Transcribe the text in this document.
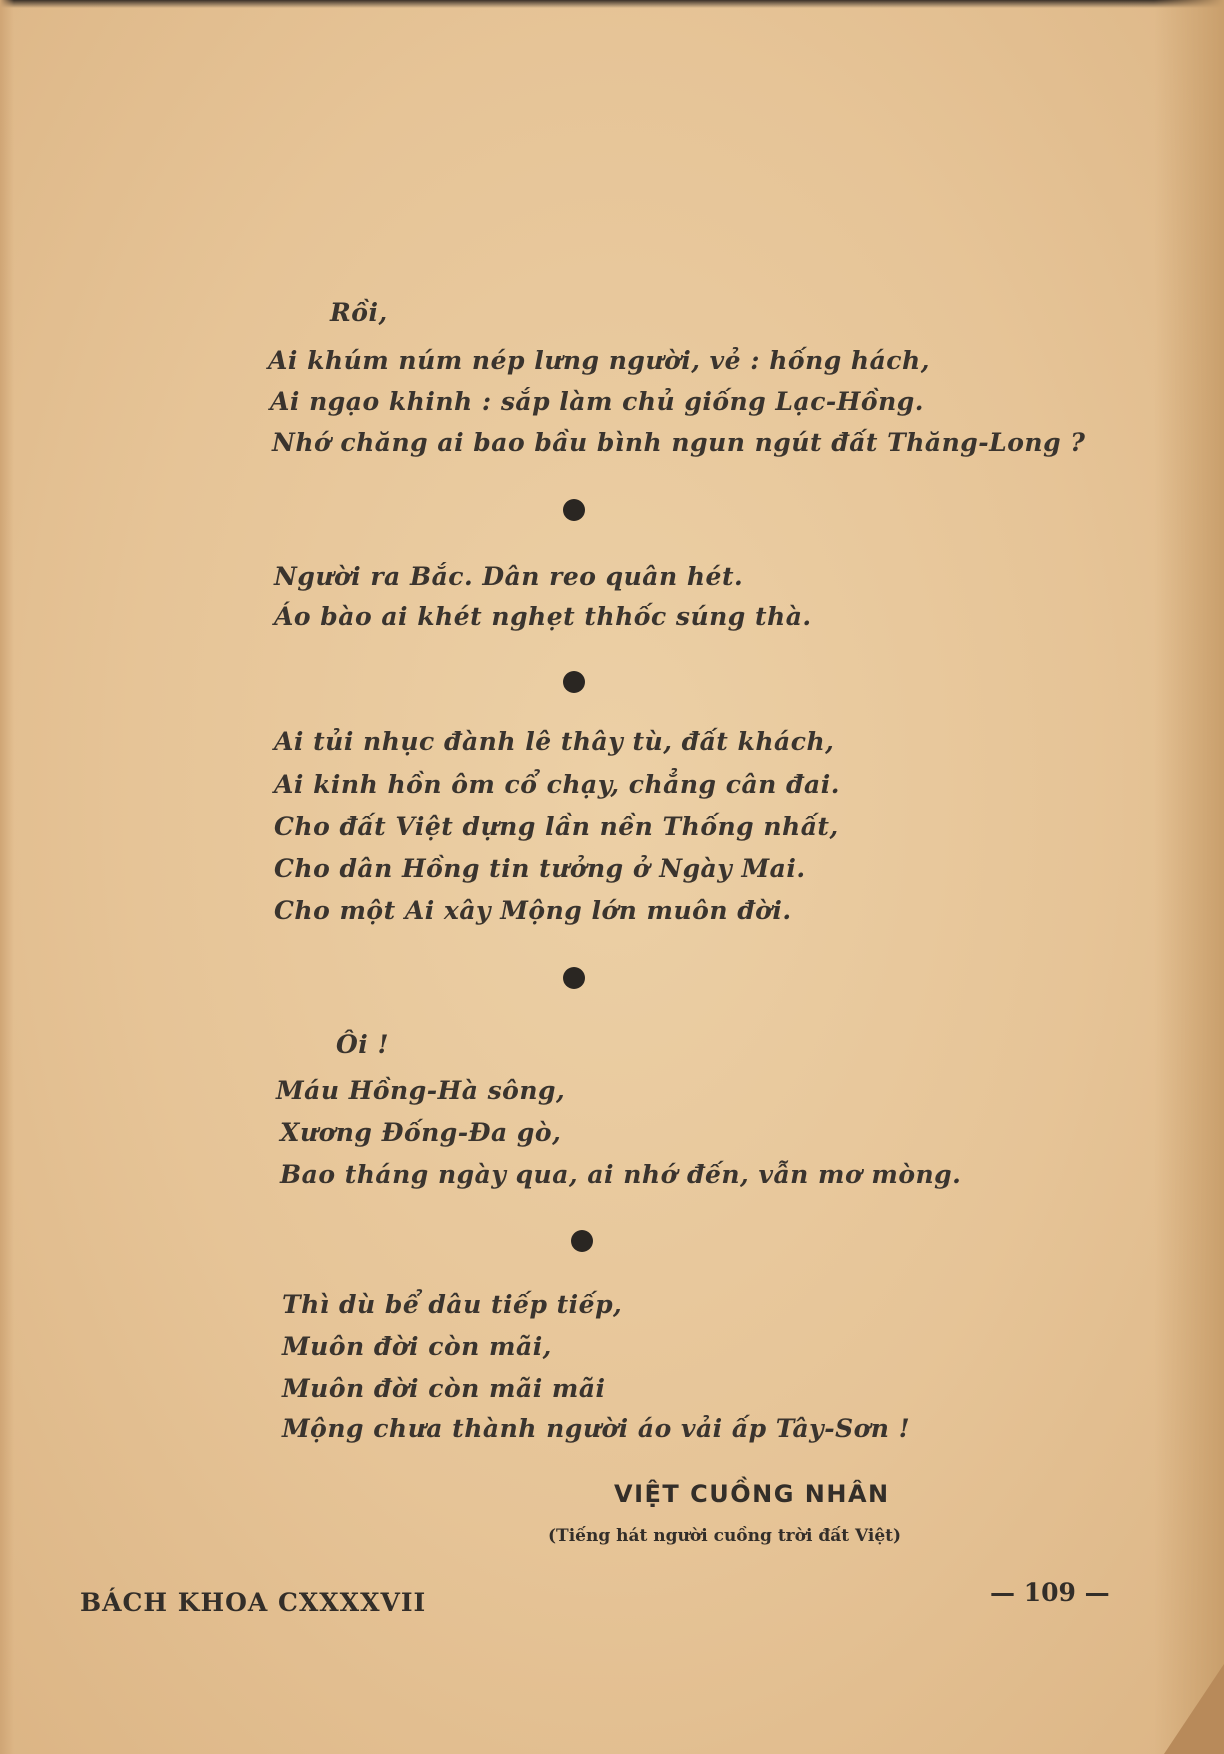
Rồi,
Ai khúm núm nép lưng người, vẻ : hống hách,
Ai ngạo khinh : sắp làm chủ giống Lạc-Hồng.
Nhớ chăng ai bao bầu bình ngun ngút đất Thăng-Long ?
Người ra Bắc. Dân reo quân hét.
Áo bào ai khét nghẹt thhốc súng thà.
Ai tủi nhục đành lê thây tù, đất khách,
Ai kinh hồn ôm cổ chạy, chẳng cân đai.
Cho đất Việt dựng lần nền Thống nhất,
Cho dân Hồng tin tưởng ở Ngày Mai.
Cho một Ai xây Mộng lớn muôn đời.
Ôi !
Máu Hồng-Hà sông,
Xương Đống-Đa gò,
Bao tháng ngày qua, ai nhớ đến, vẫn mơ mòng.
Thì dù bể dâu tiếp tiếp,
Muôn đời còn mãi,
Muôn đời còn mãi mãi
Mộng chưa thành người áo vải ấp Tây-Sơn !
VIỆT CUỒNG NHÂN
(Tiếng hát người cuồng trời đất Việt)
BÁCH KHOA CXXXXVII	— 109 —
